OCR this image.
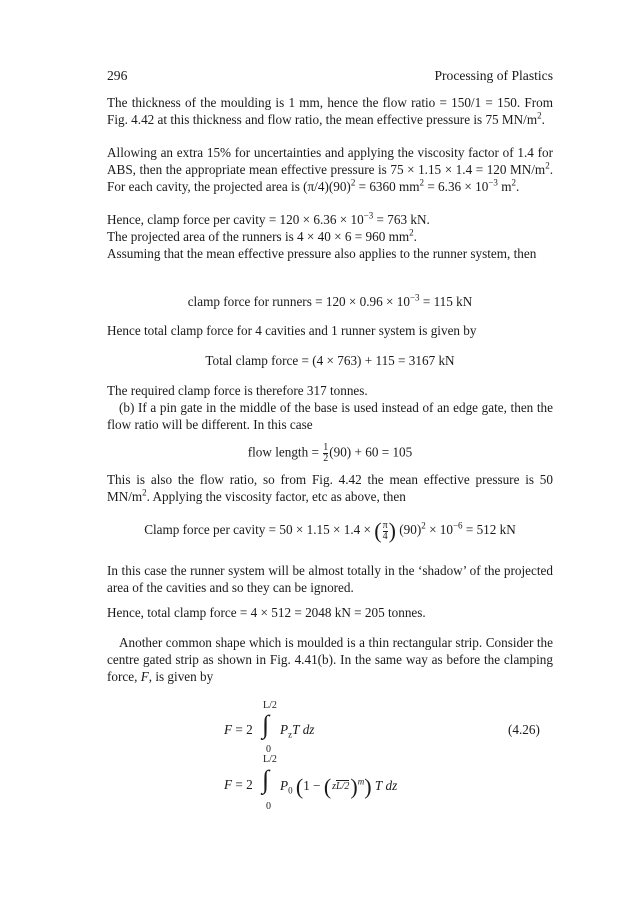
296	Processing of Plastics
The thickness of the moulding is 1 mm, hence the flow ratio = 150/1 = 150. From Fig. 4.42 at this thickness and flow ratio, the mean effective pressure is 75 $MN/m^2$.
Allowing an extra 15% for uncertainties and applying the viscosity factor of 1.4 for ABS, then the appropriate mean effective pressure is 75 × 1.15 × 1.4 = 120 $MN/m^2$. For each cavity, the projected area is $(\pi/4)(90)^2 = 6360$ $mm^2 = 6.36 \times 10^{-3}$ $m^2$.
Hence, clamp force per cavity = $120 \times 6.36 \times 10^{-3} = 763$ kN.
The projected area of the runners is 4 × 40 × 6 = 960 $mm^2$.
Assuming that the mean effective pressure also applies to the runner system, then
clamp force for runners = $120 \times 0.96 \times 10^{-3} = 115$ kN
Hence total clamp force for 4 cavities and 1 runner system is given by
Total clamp force = (4 × 763) + 115 = 3167 kN
The required clamp force is therefore 317 tonnes.
(b) If a pin gate in the middle of the base is used instead of an edge gate, then the flow ratio will be different. In this case
flow length = $\frac{1}{2} (90) + 60 = 105$
This is also the flow ratio, so from Fig. 4.42 the mean effective pressure is 50 $MN/m^2$. Applying the viscosity factor, etc as above, then
Clamp force per cavity = 50 × 1.15 × 1.4 × ( $\frac{\pi}{4}$ ) $(90)^2 \times 10^{-6} = 512$ kN
In this case the runner system will be almost totally in the ‘shadow’ of the projected area of the cavities and so they can be ignored.
Hence, total clamp force = 4 × 512 = 2048 kN = 205 tonnes.
Another common shape which is moulded is a thin rectangular strip. Consider the centre gated strip as shown in Fig. 4.41(b). In the same way as before the clamping force, F, is given by
L/2
F = 2 ∫ $P_zT$ dz
0
(4.26)
L/2
F = 2 ∫ $P_0$ $(1 - (zL/2)^m)$ T dz
0
